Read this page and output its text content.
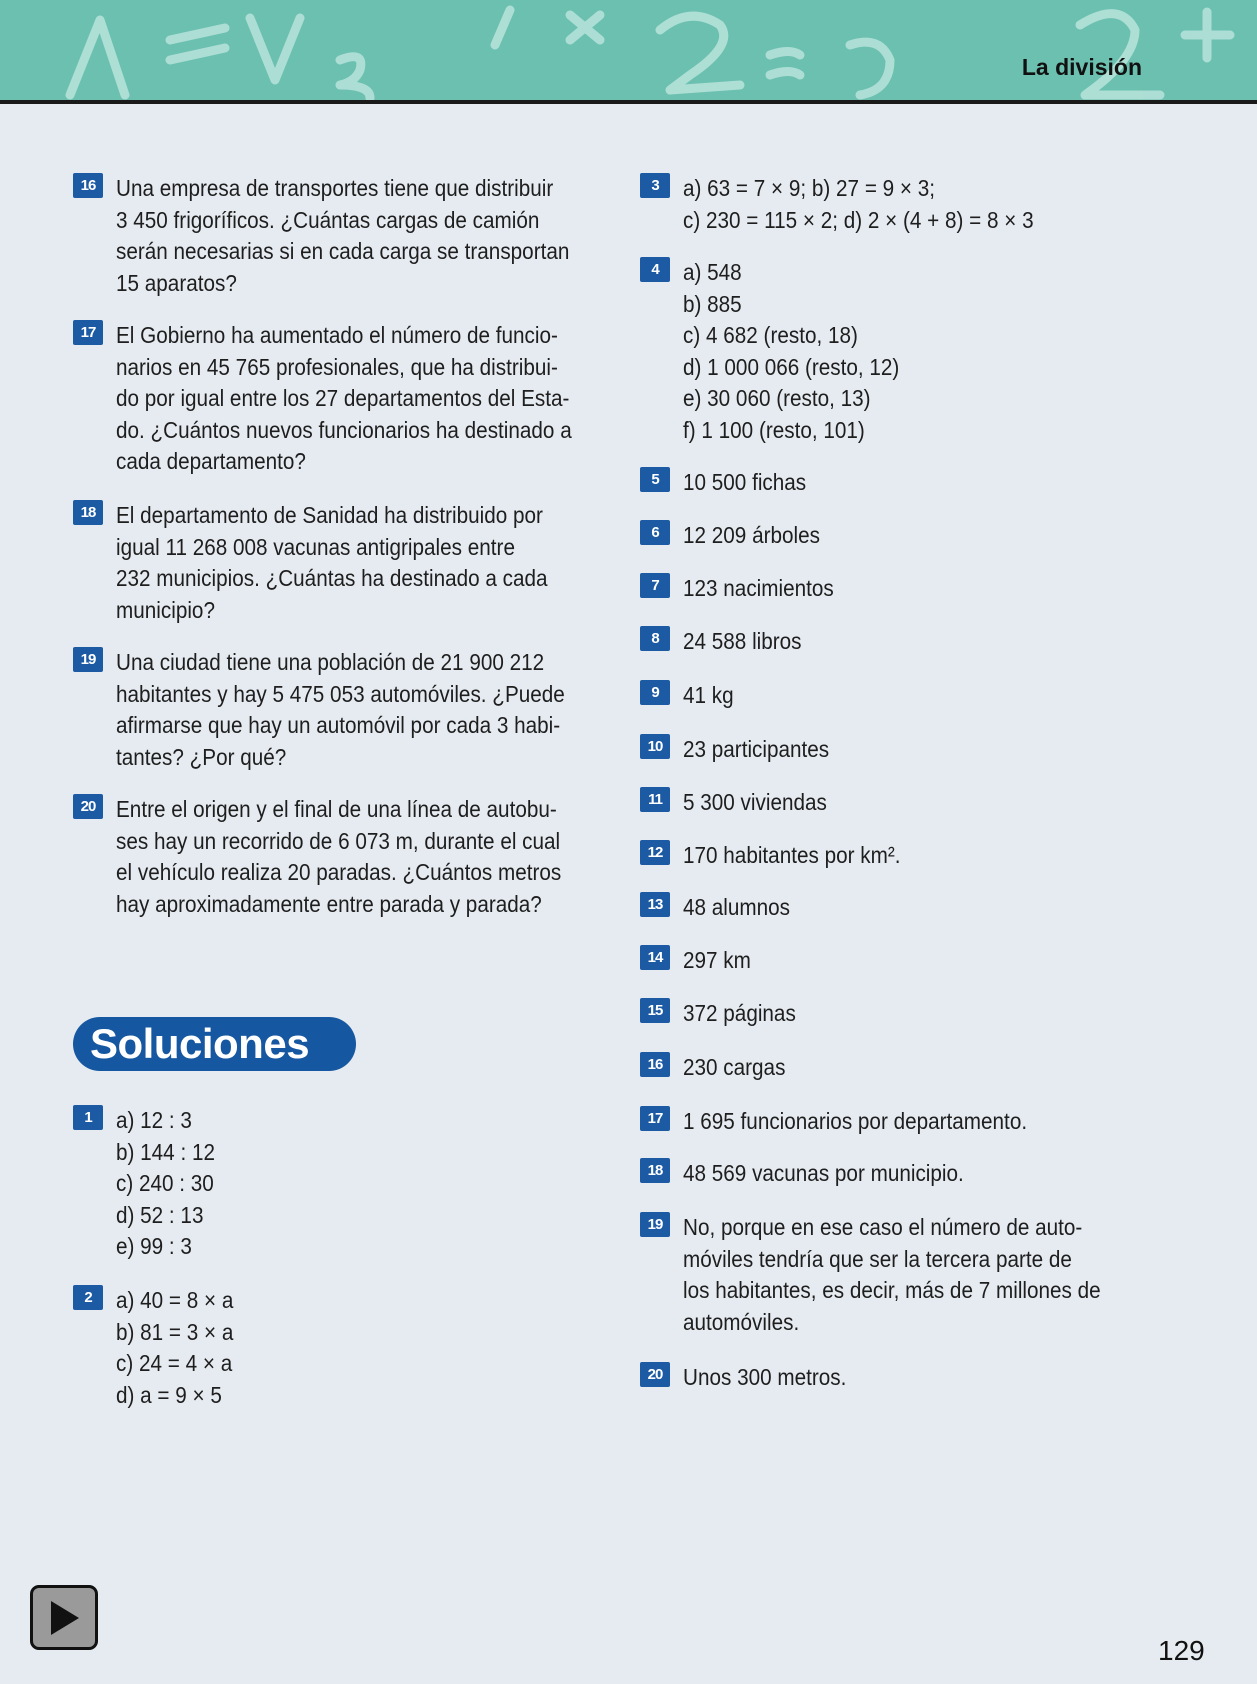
La división
16 Una empresa de transportes tiene que distribuir
3 450 frigoríficos. ¿Cuántas cargas de camión
serán necesarias si en cada carga se transportan
15 aparatos?
17 El Gobierno ha aumentado el número de funcio-
narios en 45 765 profesionales, que ha distribui-
do por igual entre los 27 departamentos del Esta-
do. ¿Cuántos nuevos funcionarios ha destinado a
cada departamento?
18 El departamento de Sanidad ha distribuido por
igual 11 268 008 vacunas antigripales entre
232 municipios. ¿Cuántas ha destinado a cada
municipio?
19 Una ciudad tiene una población de 21 900 212
habitantes y hay 5 475 053 automóviles. ¿Puede
afirmarse que hay un automóvil por cada 3 habi-
tantes? ¿Por qué?
20 Entre el origen y el final de una línea de autobu-
ses hay un recorrido de 6 073 m, durante el cual
el vehículo realiza 20 paradas. ¿Cuántos metros
hay aproximadamente entre parada y parada?
Soluciones
1	a) 12 : 3
b) 144 : 12
c) 240 : 30
d) 52 : 13
e) 99 : 3
2	a) 40 = 8 × a
b) 81 = 3 × a
c) 24 = 4 × a
d) a = 9 × 5
3	a) 63 = 7 × 9; b) 27 = 9 × 3;
c) 230 = 115 × 2; d) 2 × (4 + 8) = 8 × 3
4	a) 548
b) 885
c) 4 682 (resto, 18)
d) 1 000 066 (resto, 12)
e) 30 060 (resto, 13)
f) 1 100 (resto, 101)
5	10 500 fichas
6	12 209 árboles
7	123 nacimientos
8	24 588 libros
9	41 kg
10 23 participantes
11 5 300 viviendas
12 170 habitantes por km².
13 48 alumnos
14 297 km
15 372 páginas
16 230 cargas
17 1 695 funcionarios por departamento.
18 48 569 vacunas por municipio.
19 No, porque en ese caso el número de auto-
móviles tendría que ser la tercera parte de
los habitantes, es decir, más de 7 millones de
automóviles.
20 Unos 300 metros.
129
